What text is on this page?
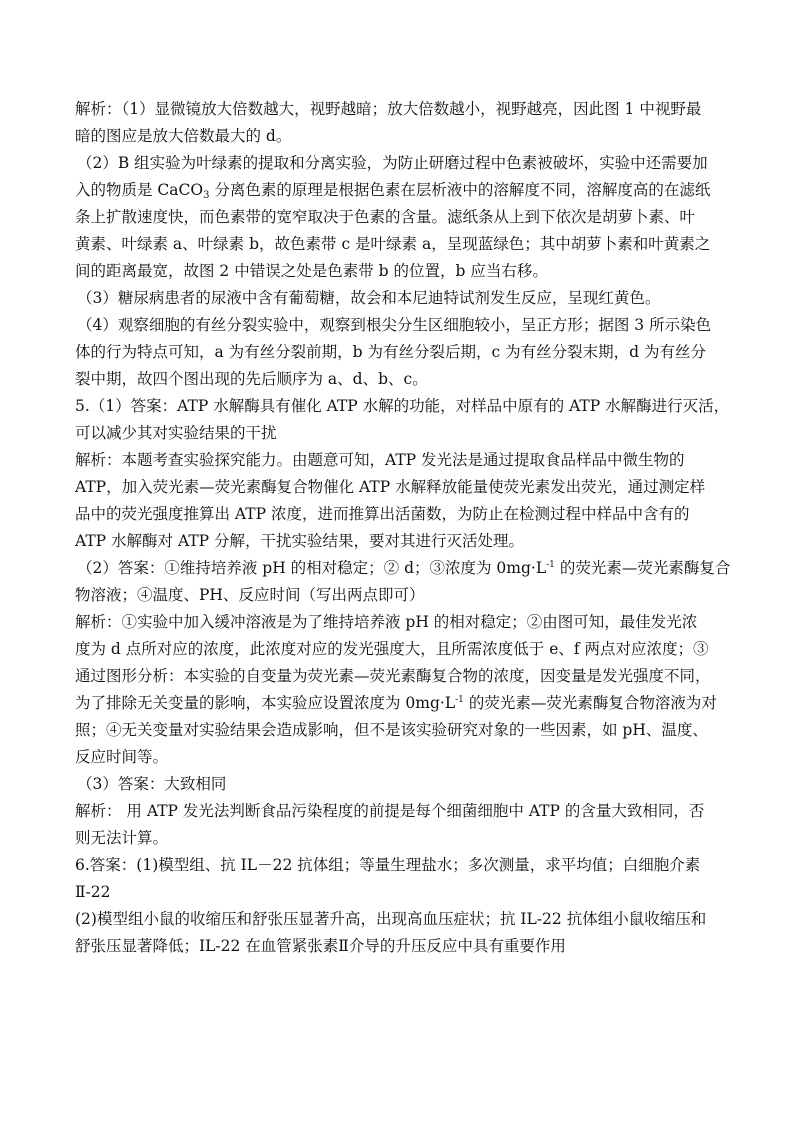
解析：（1）显微镜放大倍数越大，视野越暗；放大倍数越小，视野越亮，因此图 1 中视野最
暗的图应是放大倍数最大的 d。
（2）B 组实验为叶绿素的提取和分离实验，为防止研磨过程中色素被破坏，实验中还需要加
入的物质是 CaCO$_3$ 分离色素的原理是根据色素在层析液中的溶解度不同，溶解度高的在滤纸
条上扩散速度快，而色素带的宽窄取决于色素的含量。滤纸条从上到下依次是胡萝卜素、叶
黄素、叶绿素 a、叶绿素 b，故色素带 c 是叶绿素 a，呈现蓝绿色；其中胡萝卜素和叶黄素之
间的距离最宽，故图 2 中错误之处是色素带 b 的位置，b 应当右移。
（3）糖尿病患者的尿液中含有葡萄糖，故会和本尼迪特试剂发生反应，呈现红黄色。
（4）观察细胞的有丝分裂实验中，观察到根尖分生区细胞较小，呈正方形；据图 3 所示染色
体的行为特点可知，a 为有丝分裂前期，b 为有丝分裂后期，c 为有丝分裂末期，d 为有丝分
裂中期，故四个图出现的先后顺序为 a、d、b、c。
5.（1）答案：ATP 水解酶具有催化 ATP 水解的功能，对样品中原有的 ATP 水解酶进行灭活，
可以减少其对实验结果的干扰
解析：本题考查实验探究能力。由题意可知，ATP 发光法是通过提取食品样品中微生物的
ATP，加入荧光素—荧光素酶复合物催化 ATP 水解释放能量使荧光素发出荧光，通过测定样
品中的荧光强度推算出 ATP 浓度，进而推算出活菌数，为防止在检测过程中样品中含有的
ATP 水解酶对 ATP 分解，干扰实验结果，要对其进行灭活处理。
（2）答案：①维持培养液 pH 的相对稳定；② d；③浓度为 $0mg\cdot L^{-1}$ 的荧光素—荧光素酶复合
物溶液；④温度、PH、反应时间（写出两点即可）
解析：①实验中加入缓冲溶液是为了维持培养液 pH 的相对稳定；②由图可知，最佳发光浓
度为 d 点所对应的浓度，此浓度对应的发光强度大，且所需浓度低于 e、f 两点对应浓度；③
通过图形分析：本实验的自变量为荧光素—荧光素酶复合物的浓度，因变量是发光强度不同，
为了排除无关变量的影响，本实验应设置浓度为 $0mg\cdot L^{-1}$ 的荧光素—荧光素酶复合物溶液为对
照；④无关变量对实验结果会造成影响，但不是该实验研究对象的一些因素，如 pH、温度、
反应时间等。
（3）答案：大致相同
解析： 用 ATP 发光法判断食品污染程度的前提是每个细菌细胞中 ATP 的含量大致相同，否
则无法计算。
6.答案：(1)模型组、抗 IL－22 抗体组；等量生理盐水；多次测量，求平均值；白细胞介素
Ⅱ-22
(2)模型组小鼠的收缩压和舒张压显著升高，出现高血压症状；抗 IL-22 抗体组小鼠收缩压和
舒张压显著降低；IL-22 在血管紧张素Ⅱ介导的升压反应中具有重要作用
